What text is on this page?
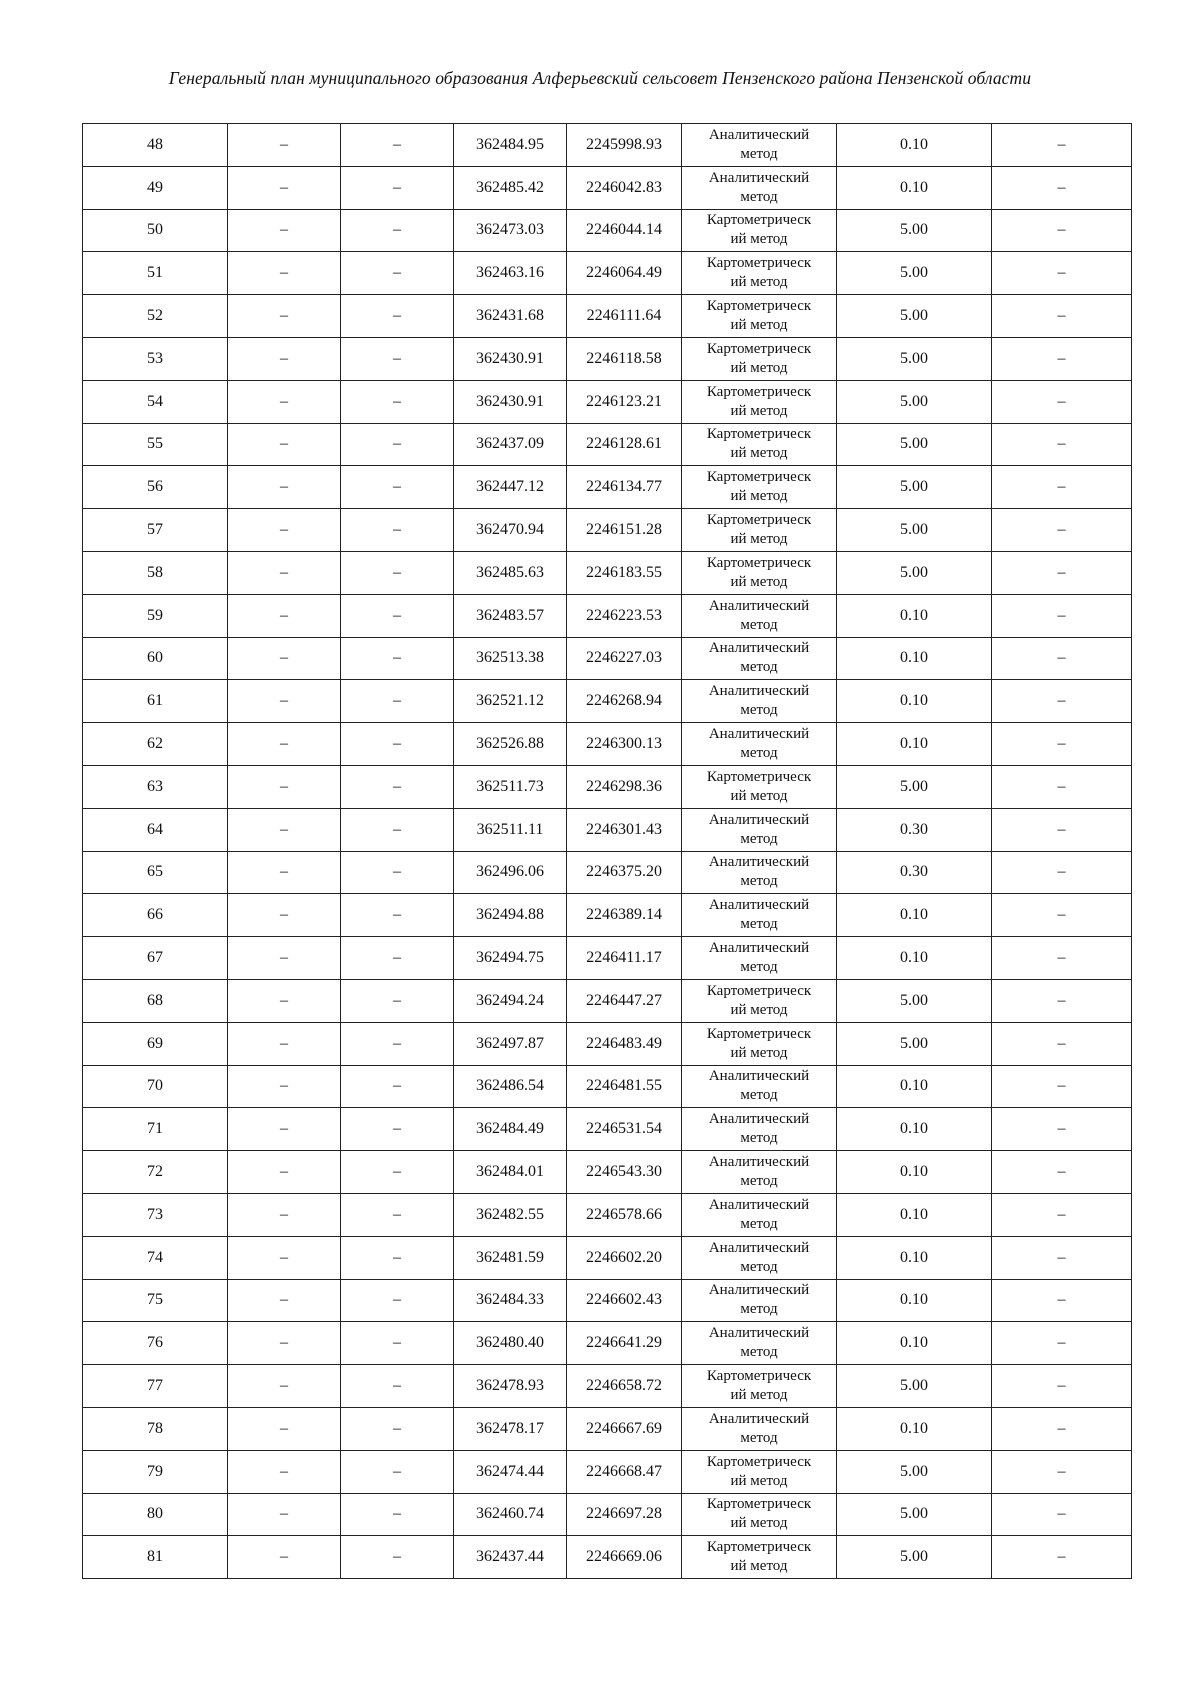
Генеральный план муниципального образования Алферьевский сельсовет Пензенского района Пензенской области
48	–	–	362484.95	2245998.93	Аналитический
метод	0.10	–
49	–	–	362485.42	2246042.83	Аналитический
метод	0.10	–
50	–	–	362473.03	2246044.14	Картометрическ
ий метод	5.00	–
51	–	–	362463.16	2246064.49	Картометрическ
ий метод	5.00	–
52	–	–	362431.68	2246111.64	Картометрическ
ий метод	5.00	–
53	–	–	362430.91	2246118.58	Картометрическ
ий метод	5.00	–
54	–	–	362430.91	2246123.21	Картометрическ
ий метод	5.00	–
55	–	–	362437.09	2246128.61	Картометрическ
ий метод	5.00	–
56	–	–	362447.12	2246134.77	Картометрическ
ий метод	5.00	–
57	–	–	362470.94	2246151.28	Картометрическ
ий метод	5.00	–
58	–	–	362485.63	2246183.55	Картометрическ
ий метод	5.00	–
59	–	–	362483.57	2246223.53	Аналитический
метод	0.10	–
60	–	–	362513.38	2246227.03	Аналитический
метод	0.10	–
61	–	–	362521.12	2246268.94	Аналитический
метод	0.10	–
62	–	–	362526.88	2246300.13	Аналитический
метод	0.10	–
63	–	–	362511.73	2246298.36	Картометрическ
ий метод	5.00	–
64	–	–	362511.11	2246301.43	Аналитический
метод	0.30	–
65	–	–	362496.06	2246375.20	Аналитический
метод	0.30	–
66	–	–	362494.88	2246389.14	Аналитический
метод	0.10	–
67	–	–	362494.75	2246411.17	Аналитический
метод	0.10	–
68	–	–	362494.24	2246447.27	Картометрическ
ий метод	5.00	–
69	–	–	362497.87	2246483.49	Картометрическ
ий метод	5.00	–
70	–	–	362486.54	2246481.55	Аналитический
метод	0.10	–
71	–	–	362484.49	2246531.54	Аналитический
метод	0.10	–
72	–	–	362484.01	2246543.30	Аналитический
метод	0.10	–
73	–	–	362482.55	2246578.66	Аналитический
метод	0.10	–
74	–	–	362481.59	2246602.20	Аналитический
метод	0.10	–
75	–	–	362484.33	2246602.43	Аналитический
метод	0.10	–
76	–	–	362480.40	2246641.29	Аналитический
метод	0.10	–
77	–	–	362478.93	2246658.72	Картометрическ
ий метод	5.00	–
78	–	–	362478.17	2246667.69	Аналитический
метод	0.10	–
79	–	–	362474.44	2246668.47	Картометрическ
ий метод	5.00	–
80	–	–	362460.74	2246697.28	Картометрическ
ий метод	5.00	–
81	–	–	362437.44	2246669.06	Картометрическ
ий метод	5.00	–
